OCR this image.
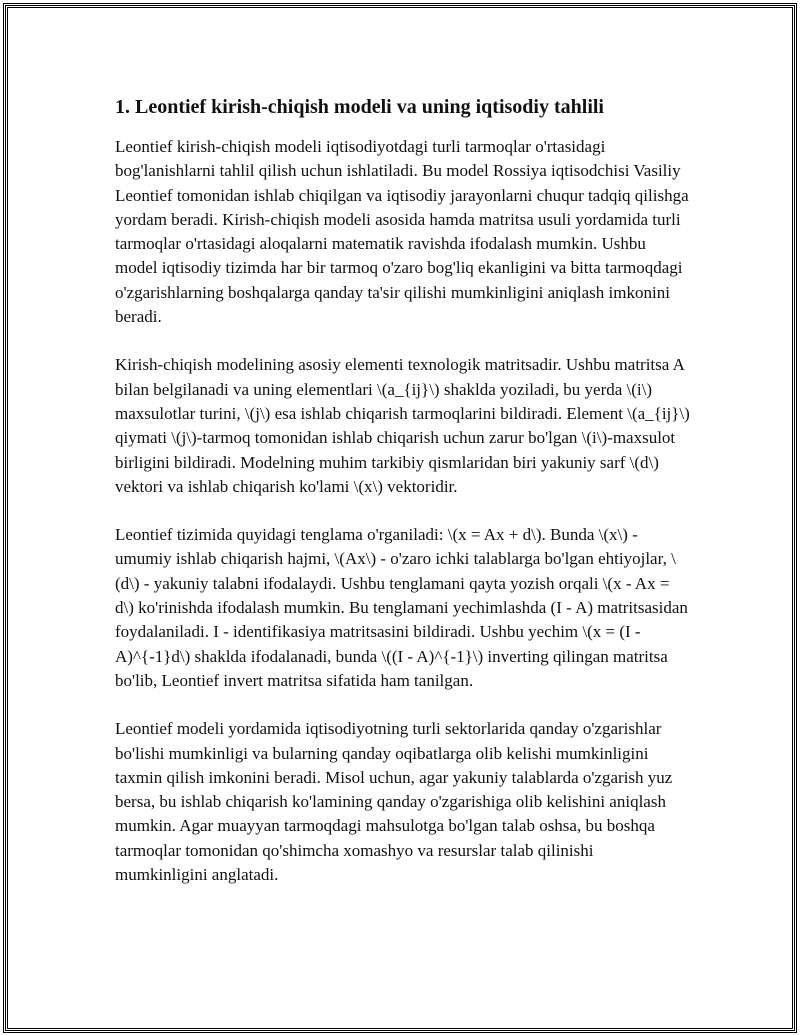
1. Leontief kirish-chiqish modeli va uning iqtisodiy tahlili

Leontief kirish-chiqish modeli iqtisodiyotdagi turli tarmoqlar o'rtasidagi bog'lanishlarni tahlil qilish uchun ishlatiladi. Bu model Rossiya iqtisodchisi Vasiliy Leontief tomonidan ishlab chiqilgan va iqtisodiy jarayonlarni chuqur tadqiq qilishga yordam beradi. Kirish-chiqish modeli asosida hamda matritsa usuli yordamida turli tarmoqlar o'rtasidagi aloqalarni matematik ravishda ifodalash mumkin. Ushbu model iqtisodiy tizimda har bir tarmoq o'zaro bog'liq ekanligini va bitta tarmoqdagi o'zgarishlarning boshqalarga qanday ta'sir qilishi mumkinligini aniqlash imkonini beradi.

Kirish-chiqish modelining asosiy elementi texnologik matritsadir. Ushbu matritsa A bilan belgilanadi va uning elementlari \(a_{ij}\) shaklda yoziladi, bu yerda \(i\) maxsulotlar turini, \(j\) esa ishlab chiqarish tarmoqlarini bildiradi. Element \(a_{ij}\) qiymati \(j\)-tarmoq tomonidan ishlab chiqarish uchun zarur bo'lgan \(i\)-maxsulot birligini bildiradi. Modelning muhim tarkibiy qismlaridan biri yakuniy sarf \(d\) vektori va ishlab chiqarish ko'lami \(x\) vektoridir.

Leontief tizimida quyidagi tenglama o'rganiladi: \(x = Ax + d\). Bunda \(x\) - umumiy ishlab chiqarish hajmi, \(Ax\) - o'zaro ichki talablarga bo'lgan ehtiyojlar, \(d\) - yakuniy talabni ifodalaydi. Ushbu tenglamani qayta yozish orqali \(x - Ax = d\) ko'rinishda ifodalash mumkin. Bu tenglamani yechimlashda (I - A) matritsasidan foydalaniladi. I - identifikasiya matritsasini bildiradi. Ushbu yechim \(x = (I - A)^{-1}d\) shaklda ifodalanadi, bunda \((I - A)^{-1}\) inverting qilingan matritsa bo'lib, Leontief invert matritsa sifatida ham tanilgan.

Leontief modeli yordamida iqtisodiyotning turli sektorlarida qanday o'zgarishlar bo'lishi mumkinligi va bularning qanday oqibatlarga olib kelishi mumkinligini taxmin qilish imkonini beradi. Misol uchun, agar yakuniy talablarda o'zgarish yuz bersa, bu ishlab chiqarish ko'lamining qanday o'zgarishiga olib kelishini aniqlash mumkin. Agar muayyan tarmoqdagi mahsulotga bo'lgan talab oshsa, bu boshqa tarmoqlar tomonidan qo'shimcha xomashyo va resurslar talab qilinishi mumkinligini anglatadi.
